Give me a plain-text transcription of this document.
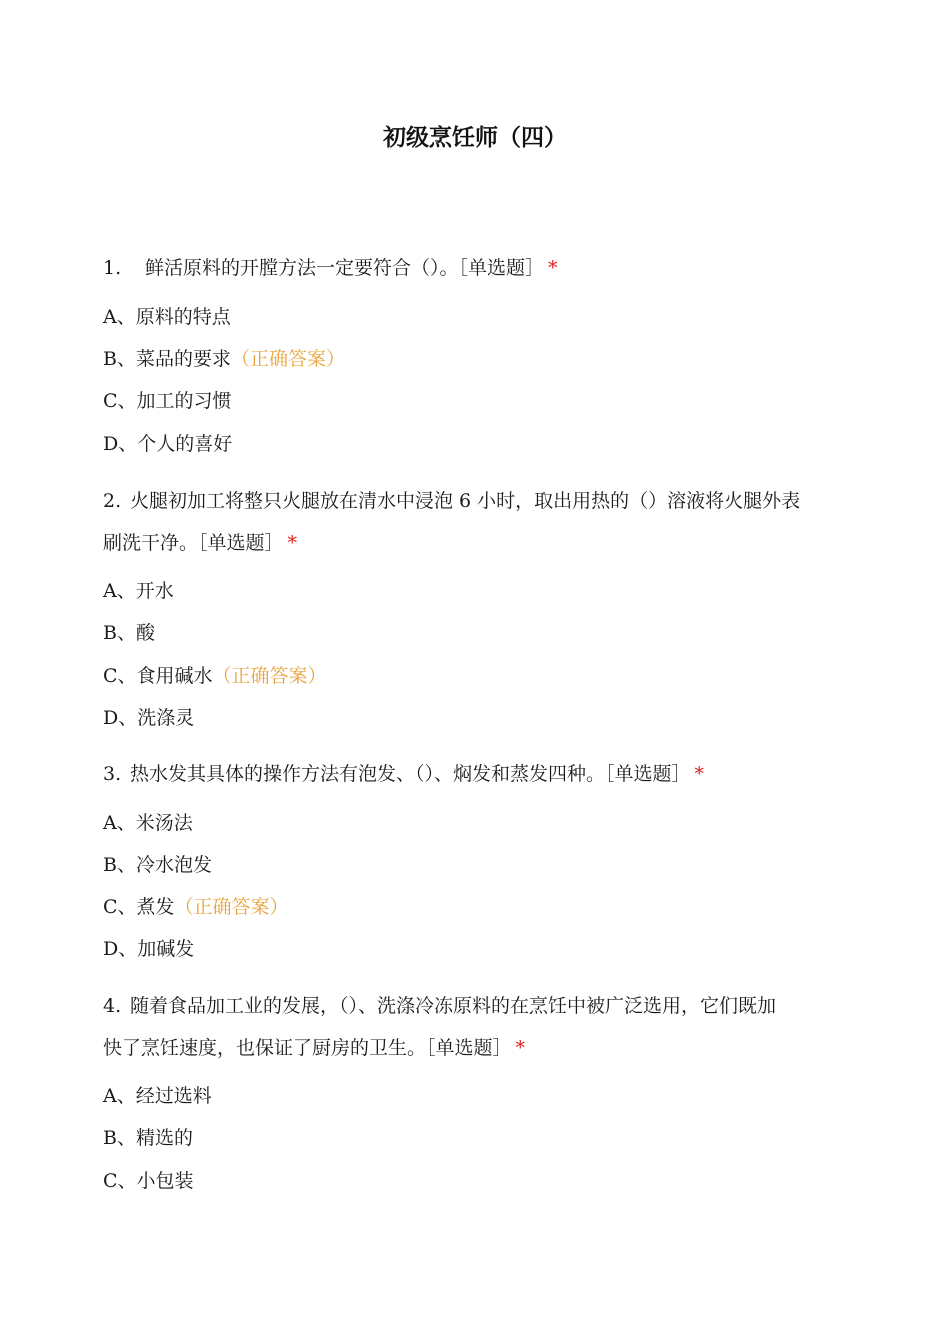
初级烹饪师（四）
1. 鲜活原料的开膛方法一定要符合（）。［单选题］ *
A、原料的特点
B、菜品的要求（正确答案）
C、加工的习惯
D、个人的喜好
2. 火腿初加工将整只火腿放在清水中浸泡 6 小时，取出用热的（）溶液将火腿外表
刷洗干净。［单选题］ *
A、开水
B、酸
C、食用碱水（正确答案）
D、洗涤灵
3. 热水发其具体的操作方法有泡发、（）、焖发和蒸发四种。［单选题］ *
A、米汤法
B、冷水泡发
C、煮发（正确答案）
D、加碱发
4. 随着食品加工业的发展，（）、洗涤冷冻原料的在烹饪中被广泛选用，它们既加
快了烹饪速度，也保证了厨房的卫生。［单选题］ *
A、经过选料
B、精选的
C、小包装
